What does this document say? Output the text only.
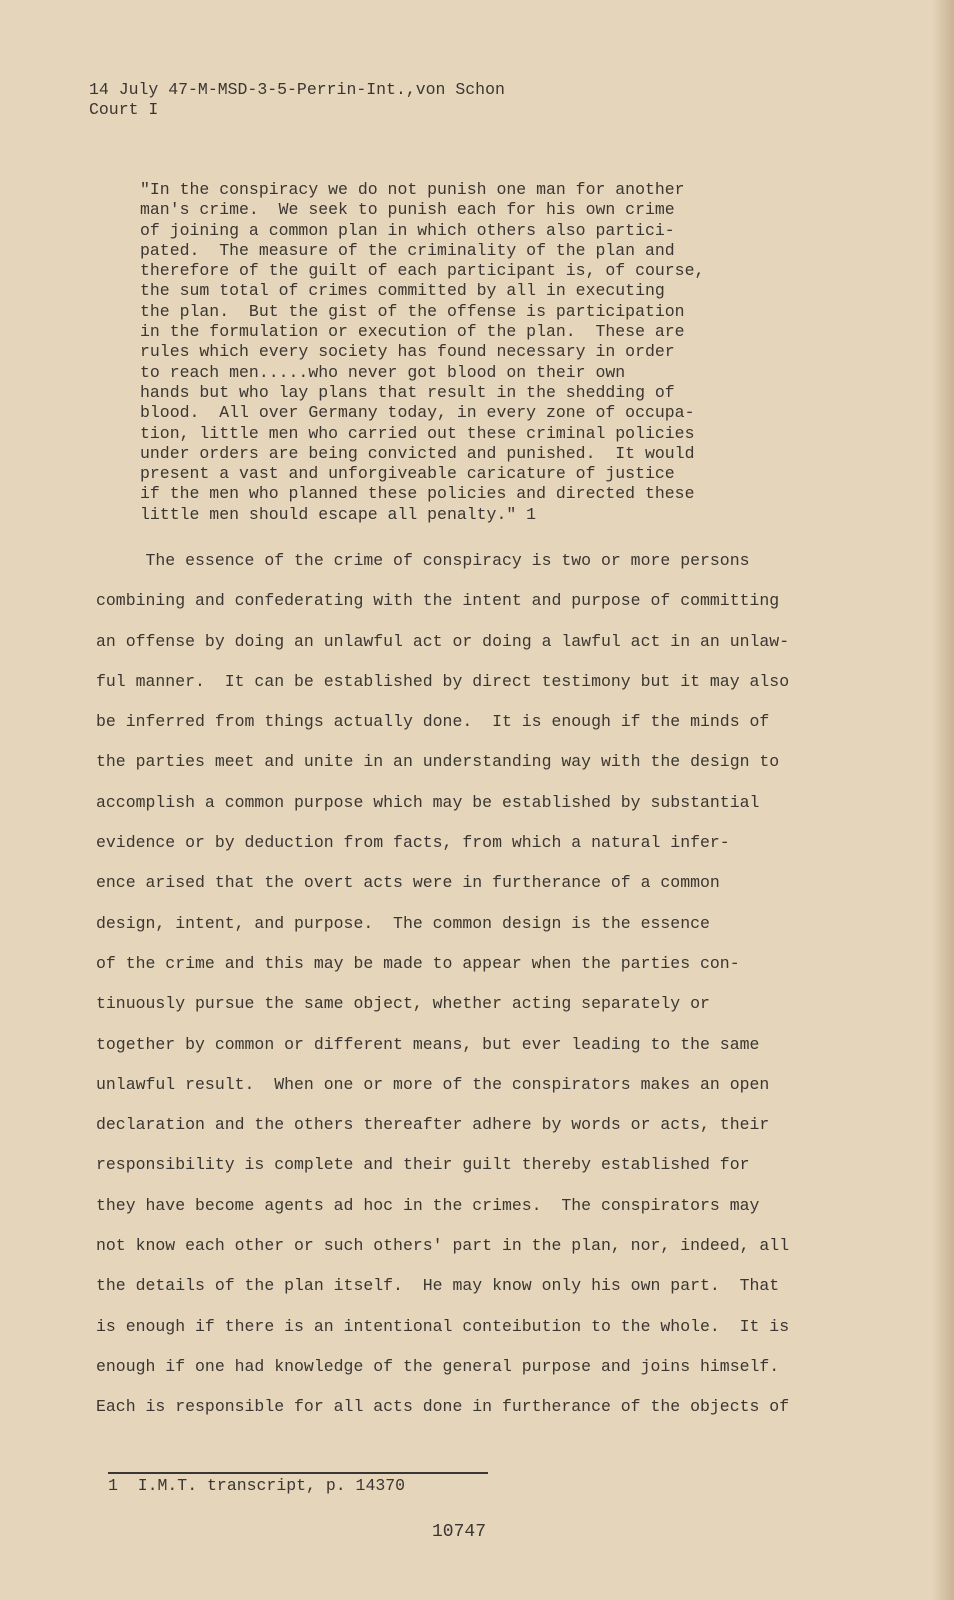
14 July 47-M-MSD-3-5-Perrin-Int.,von Schon
Court I
"In the conspiracy we do not punish one man for another
man's crime.  We seek to punish each for his own crime
of joining a common plan in which others also partici-
pated.  The measure of the criminality of the plan and
therefore of the guilt of each participant is, of course,
the sum total of crimes committed by all in executing
the plan.  But the gist of the offense is participation
in the formulation or execution of the plan.  These are
rules which every society has found necessary in order
to reach men.....who never got blood on their own
hands but who lay plans that result in the shedding of
blood.  All over Germany today, in every zone of occupa-
tion, little men who carried out these criminal policies
under orders are being convicted and punished.  It would
present a vast and unforgiveable caricature of justice
if the men who planned these policies and directed these
little men should escape all penalty." 1
The essence of the crime of conspiracy is two or more persons
combining and confederating with the intent and purpose of committing
an offense by doing an unlawful act or doing a lawful act in an unlaw-
ful manner.  It can be established by direct testimony but it may also
be inferred from things actually done.  It is enough if the minds of
the parties meet and unite in an understanding way with the design to
accomplish a common purpose which may be established by substantial
evidence or by deduction from facts, from which a natural infer-
ence arised that the overt acts were in furtherance of a common
design, intent, and purpose.  The common design is the essence
of the crime and this may be made to appear when the parties con-
tinuously pursue the same object, whether acting separately or
together by common or different means, but ever leading to the same
unlawful result.  When one or more of the conspirators makes an open
declaration and the others thereafter adhere by words or acts, their
responsibility is complete and their guilt thereby established for
they have become agents ad hoc in the crimes.  The conspirators may
not know each other or such others' part in the plan, nor, indeed, all
the details of the plan itself.  He may know only his own part.  That
is enough if there is an intentional conteibution to the whole.  It is
enough if one had knowledge of the general purpose and joins himself.
Each is responsible for all acts done in furtherance of the objects of
1  I.M.T. transcript, p. 14370
10747
